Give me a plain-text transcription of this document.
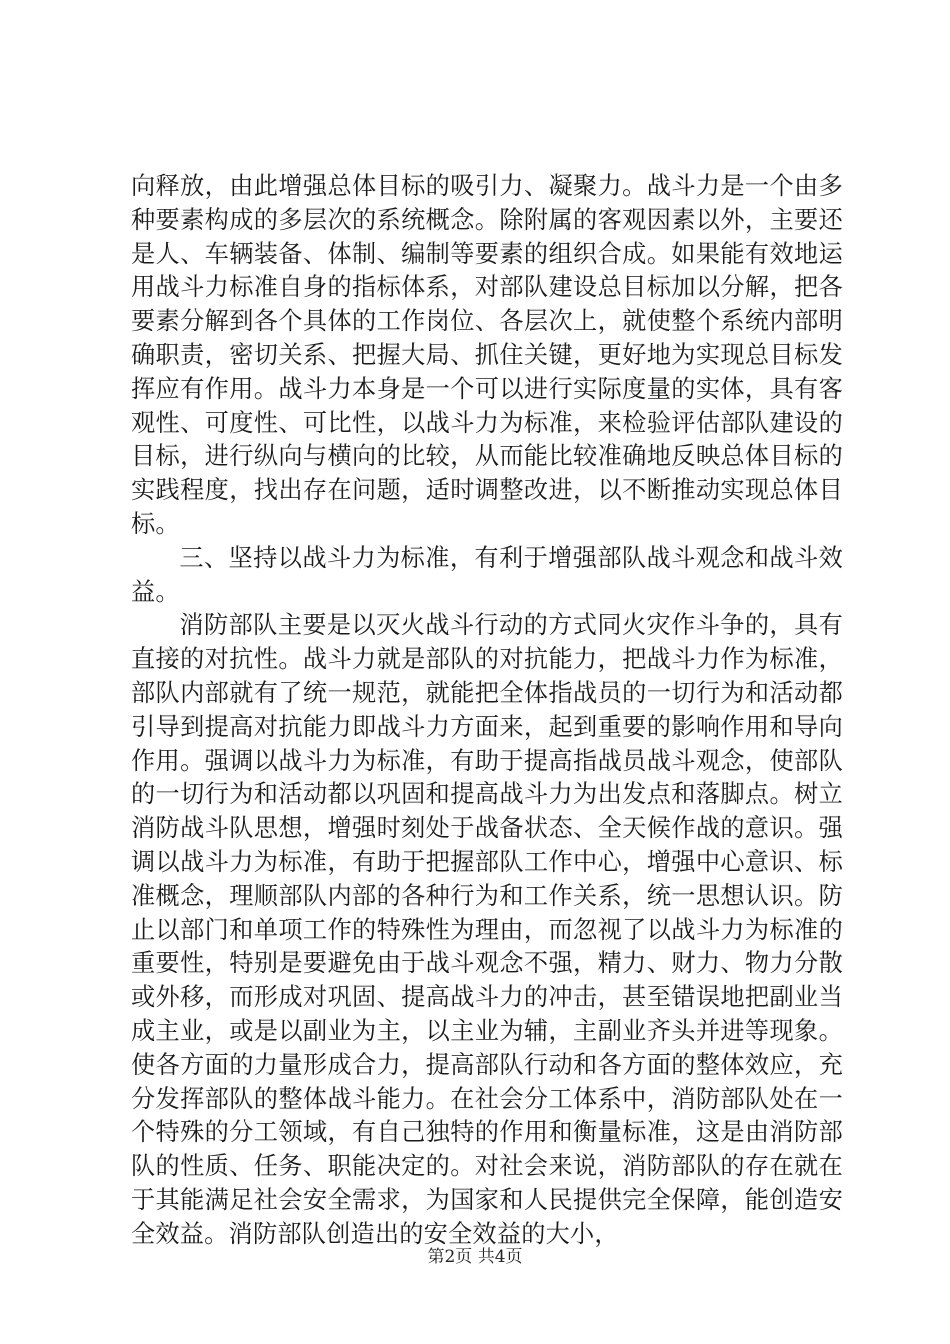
向释放，由此增强总体目标的吸引力、凝聚力。战斗力是一个由多种要素构成的多层次的系统概念。除附属的客观因素以外，主要还是人、车辆装备、体制、编制等要素的组织合成。如果能有效地运用战斗力标准自身的指标体系，对部队建设总目标加以分解，把各要素分解到各个具体的工作岗位、各层次上，就使整个系统内部明确职责，密切关系、把握大局、抓住关键，更好地为实现总目标发挥应有作用。战斗力本身是一个可以进行实际度量的实体，具有客观性、可度性、可比性，以战斗力为标准，来检验评估部队建设的目标，进行纵向与横向的比较，从而能比较准确地反映总体目标的实践程度，找出存在问题，适时调整改进，以不断推动实现总体目标。

三、坚持以战斗力为标准，有利于增强部队战斗观念和战斗效益。

消防部队主要是以灭火战斗行动的方式同火灾作斗争的，具有直接的对抗性。战斗力就是部队的对抗能力，把战斗力作为标准，部队内部就有了统一规范，就能把全体指战员的一切行为和活动都引导到提高对抗能力即战斗力方面来，起到重要的影响作用和导向作用。强调以战斗力为标准，有助于提高指战员战斗观念，使部队的一切行为和活动都以巩固和提高战斗力为出发点和落脚点。树立消防战斗队思想，增强时刻处于战备状态、全天候作战的意识。强调以战斗力为标准，有助于把握部队工作中心，增强中心意识、标准概念，理顺部队内部的各种行为和工作关系，统一思想认识。防止以部门和单项工作的特殊性为理由，而忽视了以战斗力为标准的重要性，特别是要避免由于战斗观念不强，精力、财力、物力分散或外移，而形成对巩固、提高战斗力的冲击，甚至错误地把副业当成主业，或是以副业为主，以主业为辅，主副业齐头并进等现象。使各方面的力量形成合力，提高部队行动和各方面的整体效应，充分发挥部队的整体战斗能力。在社会分工体系中，消防部队处在一个特殊的分工领域，有自己独特的作用和衡量标准，这是由消防部队的性质、任务、职能决定的。对社会来说，消防部队的存在就在于其能满足社会安全需求，为国家和人民提供完全保障，能创造安全效益。消防部队创造出的安全效益的大小，

第2页 共4页
